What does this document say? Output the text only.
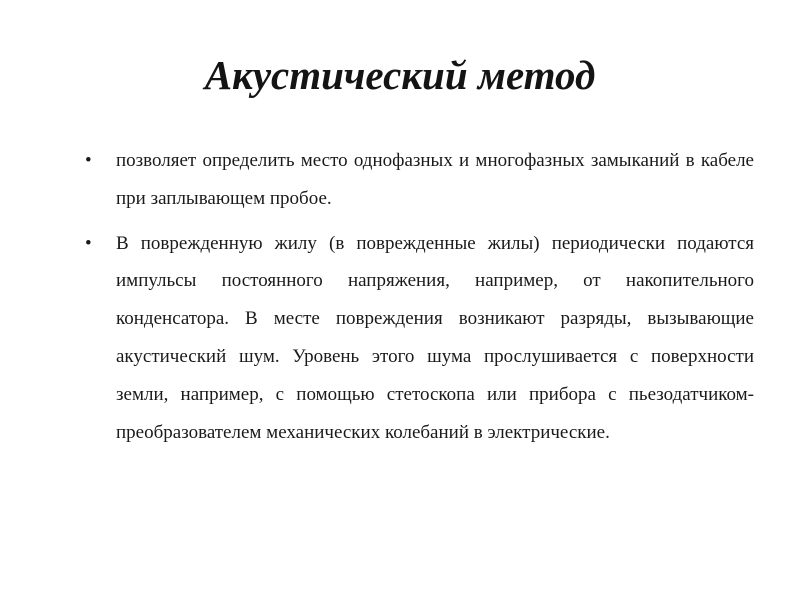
Акустический метод
• позволяет определить место однофазных и многофазных замыканий в кабеле при заплывающем пробое.
• В поврежденную жилу (в поврежденные жилы) периодически подаются импульсы постоянного напряжения, например, от накопительного конденсатора. В месте повреждения возникают разряды, вызывающие акустический шум. Уровень этого шума прослушивается с поверхности земли, например, с помощью стетоскопа или прибора с пьезодатчиком-преобразователем механических колебаний в электрические.
